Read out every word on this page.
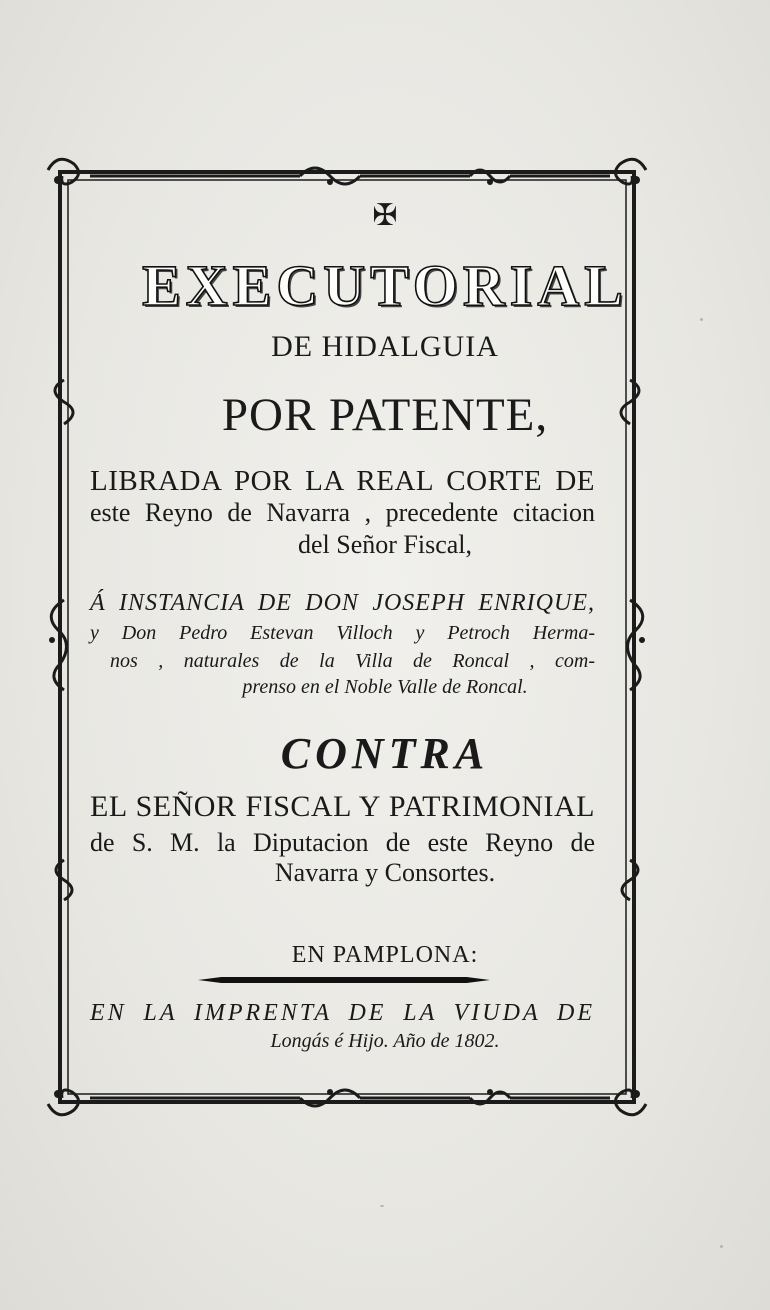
✠
EXECUTORIAL
DE HIDALGUIA
POR PATENTE,
LIBRADA POR LA REAL CORTE DE
este Reyno de Navarra , precedente citacion
del Señor Fiscal,
Á INSTANCIA DE DON JOSEPH ENRIQUE,
y Don Pedro Estevan Villoch y Petroch Herma-
nos , naturales de la Villa de Roncal , com-
prenso en el Noble Valle de Roncal.
CONTRA
EL SEÑOR FISCAL Y PATRIMONIAL
de S. M. la Diputacion de este Reyno de
Navarra y Consortes.
EN PAMPLONA:
EN LA IMPRENTA DE LA VIUDA DE
Longás é Hijo. Año de 1802.
